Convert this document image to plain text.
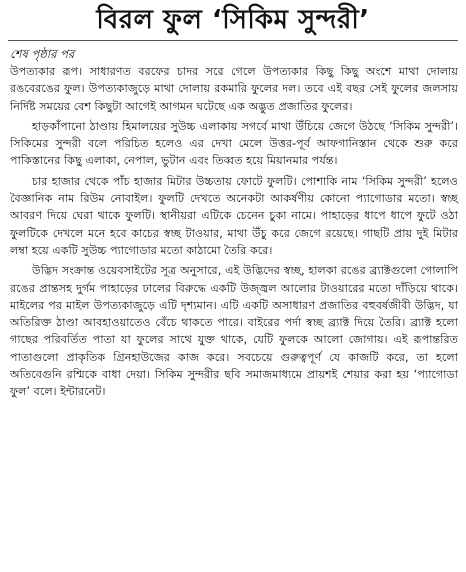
বিরল ফুল ‘সিকিম সুন্দরী’
শেষ পৃষ্ঠার পর

উপত্যকার রূপ। সাধারণত বরফের চাদর সরে গেলে উপত্যকার কিছু কিছু অংশে মাথা দোলায় রঙবেরঙের ফুল। উপত্যকাজুড়ে মাথা দোলায় রকমারি ফুলের দল। তবে এই বছর সেই ফুলের জলসায় নির্দিষ্ট সময়ের বেশ কিছুটা আগেই আগমন ঘটেছে এক অদ্ভুত প্রজাতির ফুলের।

হাড়কাঁপানো ঠাণ্ডায় হিমালয়ের সুউচ্চ এলাকায় সগর্বে মাথা উঁচিয়ে জেগে উঠছে ‘সিকিম সুন্দরী’। সিকিমের সুন্দরী বলে পরিচিত হলেও এর দেখা মেলে উত্তর-পূর্ব আফগানিস্তান থেকে শুরু করে পাকিস্তানের কিছু এলাকা, নেপাল, ভুটান এবং তিব্বত হয়ে মিয়ানমার পর্যন্ত।

চার হাজার থেকে পাঁচ হাজার মিটার উচ্চতায় ফোটে ফুলটি। পোশাকি নাম ‘সিকিম সুন্দরী’ হলেও বৈজ্ঞানিক নাম রিউম নোবাইল। ফুলটি দেখতে অনেকটা আকর্ষণীয় কোনো প্যাগোডার মতো। স্বচ্ছ আবরণ দিয়ে ঘেরা থাকে ফুলটি। স্থানীয়রা এটিকে চেনেন চুকা নামে। পাহাড়ের ধাপে ধাপে ফুটে ওঠা ফুলটিকে দেখলে মনে হবে কাচের স্বচ্ছ টাওয়ার, মাথা উঁচু করে জেগে রয়েছে। গাছটি প্রায় দুই মিটার লম্বা হয়ে একটি সুউচ্চ প্যাগোডার মতো কাঠামো তৈরি করে।

উদ্ভিদ সংক্রান্ত ওয়েবসাইটের সূত্র অনুসারে, এই উদ্ভিদের স্বচ্ছ, হালকা রঙের ব্র্যাক্টগুলো গোলাপি রঙের প্রান্তসহ দুর্গম পাহাড়ের ঢালের বিরুদ্ধে একটি উজ্জ্বল আলোর টাওয়ারের মতো দাঁড়িয়ে থাকে। মাইলের পর মাইল উপত্যকাজুড়ে এটি দৃশ্যমান। এটি একটি অসাধারণ প্রজাতির বহুবর্ষজীবী উদ্ভিদ, যা অতিরিক্ত ঠাণ্ডা আবহাওয়াতেও বেঁচে থাকতে পারে। বাইরের পর্দা স্বচ্ছ ব্র্যাক্ট দিয়ে তৈরি। ব্র্যাক্ট হলো গাছের পরিবর্তিত পাতা যা ফুলের সাথে যুক্ত থাকে, যেটি ফুলকে আলো জোগায়। এই রূপান্তরিত পাতাগুলো প্রাকৃতিক গ্রিনহাউজের কাজ করে। সবচেয়ে গুরুত্বপূর্ণ যে কাজটি করে, তা হলো অতিবেগুনি রশ্মিকে বাধা দেয়া। সিকিম সুন্দরীর ছবি সমাজমাধ্যমে প্রায়শই শেয়ার করা হয় ‘প্যাগোডা ফুল’ বলে। ইন্টারনেট।
